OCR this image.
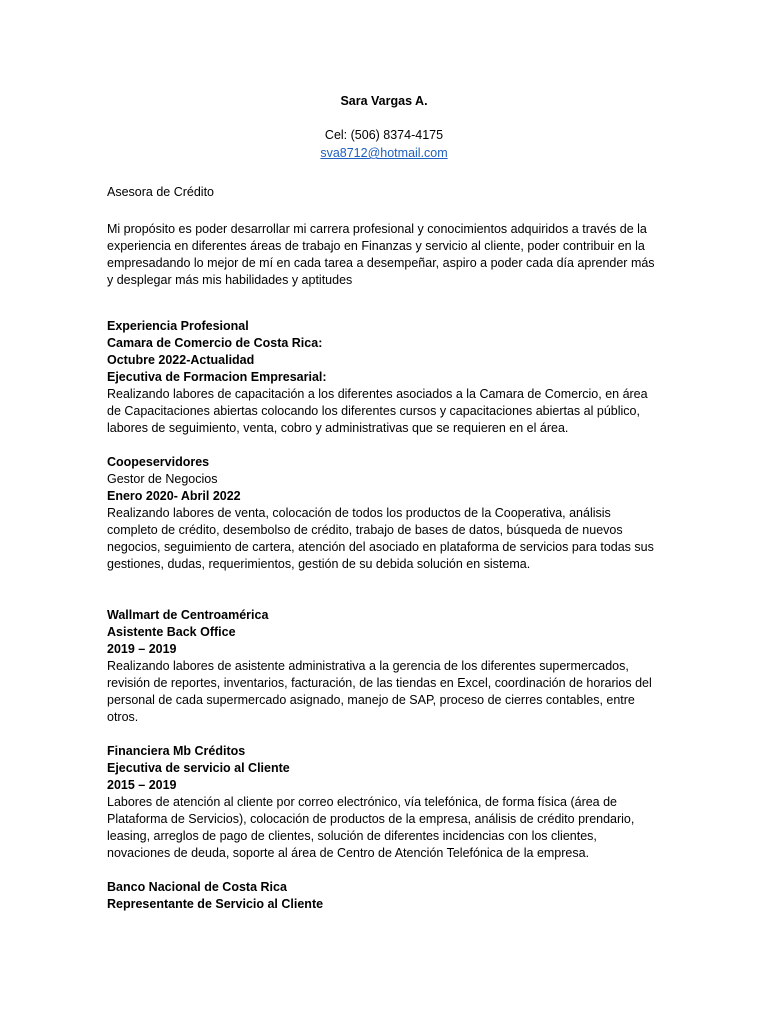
Sara Vargas A.
Cel: (506) 8374-4175
sva8712@hotmail.com
Asesora de Crédito

Mi propósito es poder desarrollar mi carrera profesional y conocimientos adquiridos a través de la experiencia en diferentes áreas de trabajo en Finanzas y servicio al cliente, poder contribuir en la empresadando lo mejor de mí en cada tarea a desempeñar, aspiro a poder cada día aprender más y desplegar más mis habilidades y aptitudes

Experiencia Profesional
Camara de Comercio de Costa Rica:
Octubre 2022-Actualidad
Ejecutiva de Formacion Empresarial:

Realizando labores de capacitación a los diferentes asociados a la Camara de Comercio, en área de Capacitaciones abiertas colocando los diferentes cursos y capacitaciones abiertas al público, labores de seguimiento, venta, cobro y administrativas que se requieren en el área.

Coopeservidores
Gestor de Negocios
Enero 2020- Abril 2022

Realizando labores de venta, colocación de todos los productos de la Cooperativa, análisis completo de crédito, desembolso de crédito, trabajo de bases de datos, búsqueda de nuevos negocios, seguimiento de cartera, atención del asociado en plataforma de servicios para todas sus gestiones, dudas, requerimientos, gestión de su debida solución en sistema.

Wallmart de Centroamérica
Asistente Back Office
2019 – 2019

Realizando labores de asistente administrativa a la gerencia de los diferentes supermercados, revisión de reportes, inventarios, facturación, de las tiendas en Excel, coordinación de horarios del personal de cada supermercado asignado, manejo de SAP, proceso de cierres contables, entre otros.

Financiera Mb Créditos
Ejecutiva de servicio al Cliente
2015 – 2019

Labores de atención al cliente por correo electrónico, vía telefónica, de forma física (área de Plataforma de Servicios), colocación de productos de la empresa, análisis de crédito prendario, leasing, arreglos de pago de clientes, solución de diferentes incidencias con los clientes, novaciones de deuda, soporte al área de Centro de Atención Telefónica de la empresa.

Banco Nacional de Costa Rica
Representante de Servicio al Cliente
